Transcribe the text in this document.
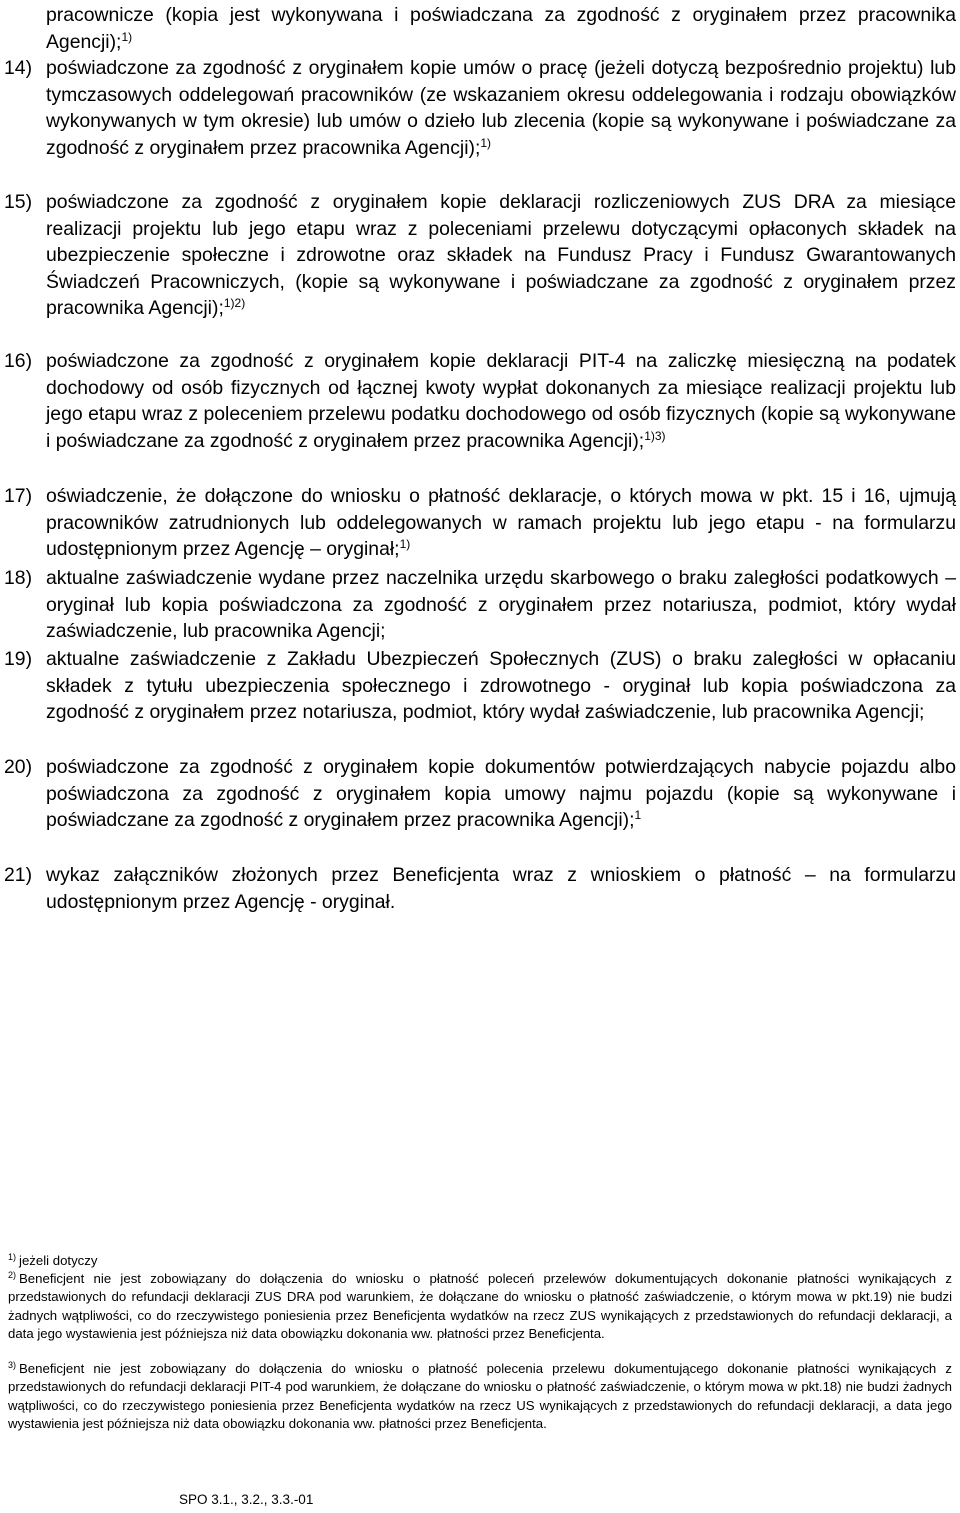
pracownicze (kopia jest wykonywana i poświadczana za zgodność z oryginałem przez pracownika Agencji);$^{1)}$
14) poświadczone za zgodność z oryginałem kopie umów o pracę (jeżeli dotyczą bezpośrednio projektu) lub tymczasowych oddelegowań pracowników (ze wskazaniem okresu oddelegowania i rodzaju obowiązków wykonywanych w tym okresie) lub umów o dzieło lub zlecenia (kopie są wykonywane i poświadczane za zgodność z oryginałem przez pracownika Agencji);$^{1)}$
15) poświadczone za zgodność z oryginałem kopie deklaracji rozliczeniowych ZUS DRA za miesiące realizacji projektu lub jego etapu wraz z poleceniami przelewu dotyczącymi opłaconych składek na ubezpieczenie społeczne i zdrowotne oraz składek na Fundusz Pracy i Fundusz Gwarantowanych Świadczeń Pracowniczych, (kopie są wykonywane i poświadczane za zgodność z oryginałem przez pracownika Agencji);$^{1)2)}$
16) poświadczone za zgodność z oryginałem kopie deklaracji PIT-4 na zaliczkę miesięczną na podatek dochodowy od osób fizycznych od łącznej kwoty wypłat dokonanych za miesiące realizacji projektu lub jego etapu wraz z poleceniem przelewu podatku dochodowego od osób fizycznych (kopie są wykonywane i poświadczane za zgodność z oryginałem przez pracownika Agencji);$^{1)3)}$
17) oświadczenie, że dołączone do wniosku o płatność deklaracje, o których mowa w pkt. 15 i 16, ujmują pracowników zatrudnionych lub oddelegowanych w ramach projektu lub jego etapu - na formularzu udostępnionym przez Agencję – oryginał;$^{1)}$
18) aktualne zaświadczenie wydane przez naczelnika urzędu skarbowego o braku zaległości podatkowych – oryginał lub kopia poświadczona za zgodność z oryginałem przez notariusza, podmiot, który wydał zaświadczenie, lub pracownika Agencji;
19) aktualne zaświadczenie z Zakładu Ubezpieczeń Społecznych (ZUS) o braku zaległości w opłacaniu składek z tytułu ubezpieczenia społecznego i zdrowotnego - oryginał lub kopia poświadczona za zgodność z oryginałem przez notariusza, podmiot, który wydał zaświadczenie, lub pracownika Agencji;
20) poświadczone za zgodność z oryginałem kopie dokumentów potwierdzających nabycie pojazdu albo poświadczona za zgodność z oryginałem kopia umowy najmu pojazdu (kopie są wykonywane i poświadczane za zgodność z oryginałem przez pracownika Agencji);$^1$
21) wykaz załączników złożonych przez Beneficjenta wraz z wnioskiem o płatność – na formularzu udostępnionym przez Agencję - oryginał.
$^{1)}$ jeżeli dotyczy
$^{2)}$ Beneficjent nie jest zobowiązany do dołączenia do wniosku o płatność poleceń przelewów dokumentujących dokonanie płatności wynikających z przedstawionych do refundacji deklaracji ZUS DRA pod warunkiem, że dołączane do wniosku o płatność zaświadczenie, o którym mowa w pkt.19) nie budzi żadnych wątpliwości, co do rzeczywistego poniesienia przez Beneficjenta wydatków na rzecz ZUS wynikających z przedstawionych do refundacji deklaracji, a data jego wystawienia jest późniejsza niż data obowiązku dokonania ww. płatności przez Beneficjenta.
$^{3)}$ Beneficjent nie jest zobowiązany do dołączenia do wniosku o płatność polecenia przelewu dokumentującego dokonanie płatności wynikających z przedstawionych do refundacji deklaracji PIT-4 pod warunkiem, że dołączane do wniosku o płatność zaświadczenie, o którym mowa w pkt.18) nie budzi żadnych wątpliwości, co do rzeczywistego poniesienia przez Beneficjenta wydatków na rzecz US wynikających z przedstawionych do refundacji deklaracji, a data jego wystawienia jest późniejsza niż data obowiązku dokonania ww. płatności przez Beneficjenta.
SPO 3.1., 3.2., 3.3.-01
